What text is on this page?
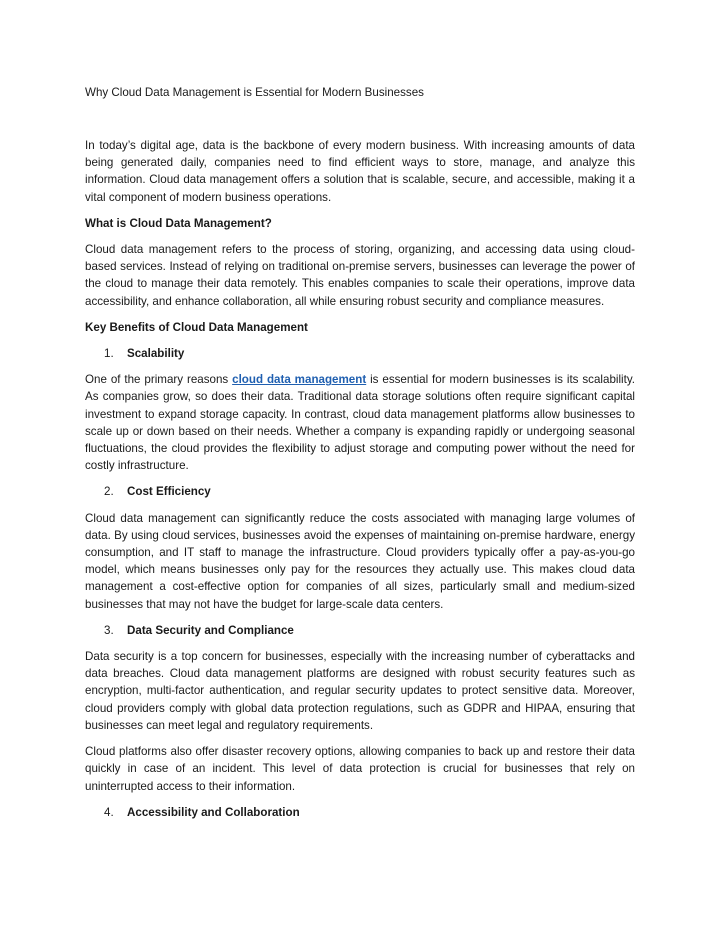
Why Cloud Data Management is Essential for Modern Businesses

In today’s digital age, data is the backbone of every modern business. With increasing amounts of data being generated daily, companies need to find efficient ways to store, manage, and analyze this information. Cloud data management offers a solution that is scalable, secure, and accessible, making it a vital component of modern business operations.

What is Cloud Data Management?

Cloud data management refers to the process of storing, organizing, and accessing data using cloud-based services. Instead of relying on traditional on-premise servers, businesses can leverage the power of the cloud to manage their data remotely. This enables companies to scale their operations, improve data accessibility, and enhance collaboration, all while ensuring robust security and compliance measures.

Key Benefits of Cloud Data Management
1.	Scalability

One of the primary reasons cloud data management is essential for modern businesses is its scalability. As companies grow, so does their data. Traditional data storage solutions often require significant capital investment to expand storage capacity. In contrast, cloud data management platforms allow businesses to scale up or down based on their needs. Whether a company is expanding rapidly or undergoing seasonal fluctuations, the cloud provides the flexibility to adjust storage and computing power without the need for costly infrastructure.

2.	Cost Efficiency

Cloud data management can significantly reduce the costs associated with managing large volumes of data. By using cloud services, businesses avoid the expenses of maintaining on-premise hardware, energy consumption, and IT staff to manage the infrastructure. Cloud providers typically offer a pay-as-you-go model, which means businesses only pay for the resources they actually use. This makes cloud data management a cost-effective option for companies of all sizes, particularly small and medium-sized businesses that may not have the budget for large-scale data centers.

3.	Data Security and Compliance

Data security is a top concern for businesses, especially with the increasing number of cyberattacks and data breaches. Cloud data management platforms are designed with robust security features such as encryption, multi-factor authentication, and regular security updates to protect sensitive data. Moreover, cloud providers comply with global data protection regulations, such as GDPR and HIPAA, ensuring that businesses can meet legal and regulatory requirements.

Cloud platforms also offer disaster recovery options, allowing companies to back up and restore their data quickly in case of an incident. This level of data protection is crucial for businesses that rely on uninterrupted access to their information.

4.	Accessibility and Collaboration
